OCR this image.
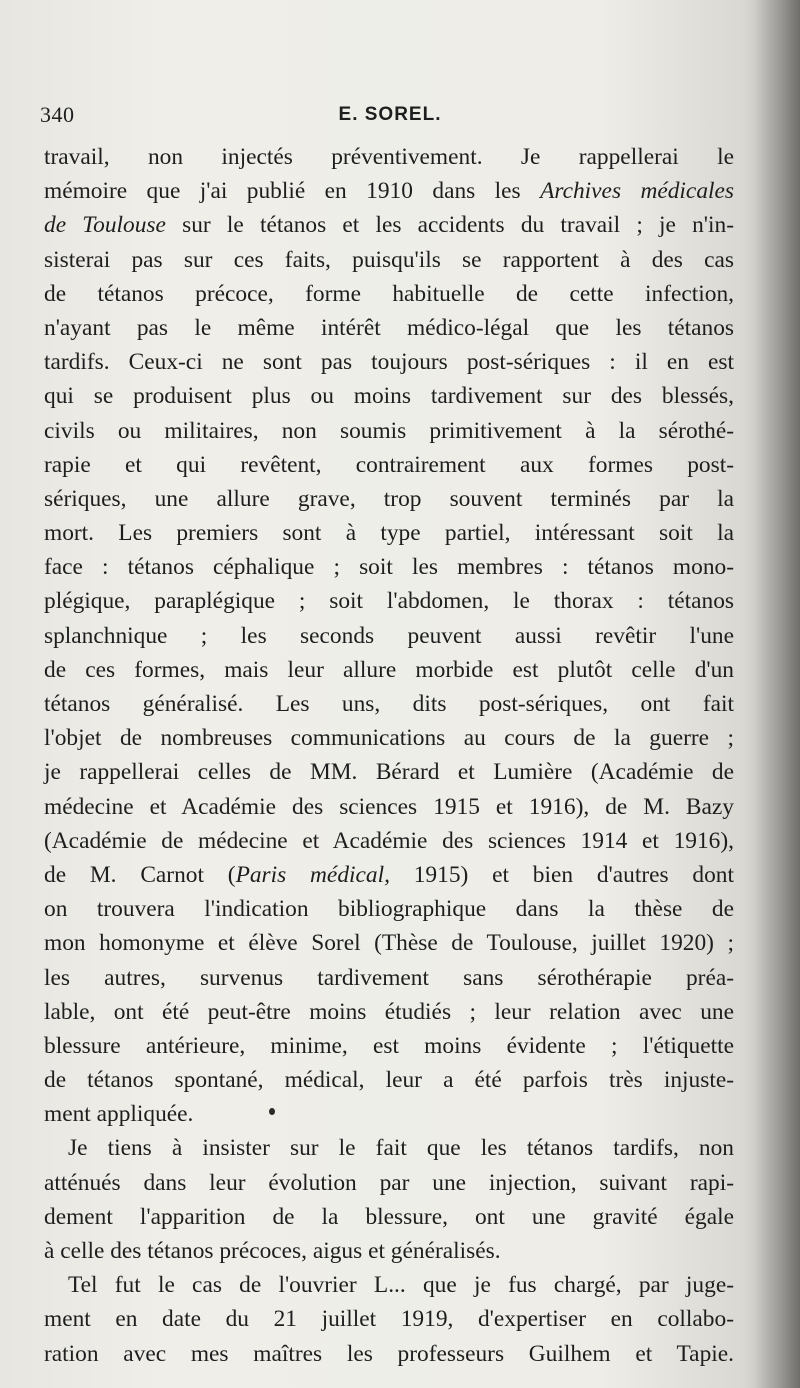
340	E. SOREL.
travail, non injectés préventivement. Je rappellerai le
mémoire que j'ai publié en 1910 dans les Archives médicales
de Toulouse sur le tétanos et les accidents du travail ; je n'in-
sisterai pas sur ces faits, puisqu'ils se rapportent à des cas
de tétanos précoce, forme habituelle de cette infection,
n'ayant pas le même intérêt médico-légal que les tétanos
tardifs. Ceux-ci ne sont pas toujours post-sériques : il en est
qui se produisent plus ou moins tardivement sur des blessés,
civils ou militaires, non soumis primitivement à la sérothé-
rapie et qui revêtent, contrairement aux formes post-
sériques, une allure grave, trop souvent terminés par la
mort. Les premiers sont à type partiel, intéressant soit la
face : tétanos céphalique ; soit les membres : tétanos mono-
plégique, paraplégique ; soit l'abdomen, le thorax : tétanos
splanchnique ; les seconds peuvent aussi revêtir l'une
de ces formes, mais leur allure morbide est plutôt celle d'un
tétanos généralisé. Les uns, dits post-sériques, ont fait
l'objet de nombreuses communications au cours de la guerre ;
je rappellerai celles de MM. Bérard et Lumière (Académie de
médecine et Académie des sciences 1915 et 1916), de M. Bazy
(Académie de médecine et Académie des sciences 1914 et 1916),
de M. Carnot (Paris médical, 1915) et bien d'autres dont
on trouvera l'indication bibliographique dans la thèse de
mon homonyme et élève Sorel (Thèse de Toulouse, juillet 1920) ;
les autres, survenus tardivement sans sérothérapie préa-
lable, ont été peut-être moins étudiés ; leur relation avec une
blessure antérieure, minime, est moins évidente ; l'étiquette
de tétanos spontané, médical, leur a été parfois très injuste-
ment appliquée.
Je tiens à insister sur le fait que les tétanos tardifs, non
atténués dans leur évolution par une injection, suivant rapi-
dement l'apparition de la blessure, ont une gravité égale
à celle des tétanos précoces, aigus et généralisés.
Tel fut le cas de l'ouvrier L... que je fus chargé, par juge-
ment en date du 21 juillet 1919, d'expertiser en collabo-
ration avec mes maîtres les professeurs Guilhem et Tapie.
